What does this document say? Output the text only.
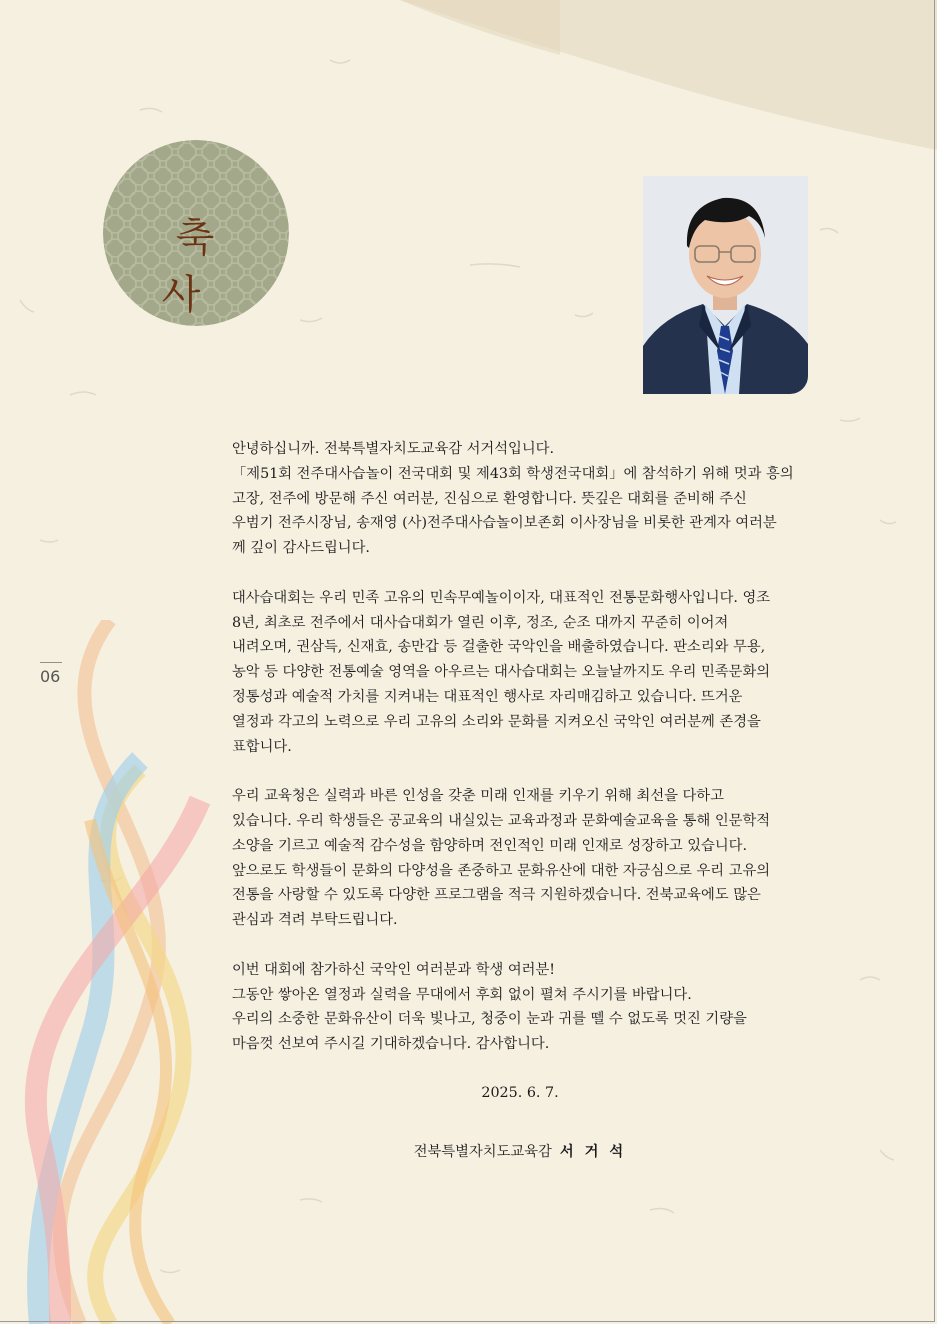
축 사
06

안녕하십니까. 전북특별자치도교육감 서거석입니다.
「제51회 전주대사습놀이 전국대회 및 제43회 학생전국대회」에 참석하기 위해 멋과 흥의
고장, 전주에 방문해 주신 여러분, 진심으로 환영합니다. 뜻깊은 대회를 준비해 주신
우범기 전주시장님, 송재영 (사)전주대사습놀이보존회 이사장님을 비롯한 관계자 여러분
께 깊이 감사드립니다.

대사습대회는 우리 민족 고유의 민속무예놀이이자, 대표적인 전통문화행사입니다. 영조
8년, 최초로 전주에서 대사습대회가 열린 이후, 정조, 순조 대까지 꾸준히 이어져
내려오며, 권삼득, 신재효, 송만갑 등 걸출한 국악인을 배출하였습니다. 판소리와 무용,
농악 등 다양한 전통예술 영역을 아우르는 대사습대회는 오늘날까지도 우리 민족문화의
정통성과 예술적 가치를 지켜내는 대표적인 행사로 자리매김하고 있습니다. 뜨거운
열정과 각고의 노력으로 우리 고유의 소리와 문화를 지켜오신 국악인 여러분께 존경을
표합니다.

우리 교육청은 실력과 바른 인성을 갖춘 미래 인재를 키우기 위해 최선을 다하고
있습니다. 우리 학생들은 공교육의 내실있는 교육과정과 문화예술교육을 통해 인문학적
소양을 기르고 예술적 감수성을 함양하며 전인적인 미래 인재로 성장하고 있습니다.
앞으로도 학생들이 문화의 다양성을 존중하고 문화유산에 대한 자긍심으로 우리 고유의
전통을 사랑할 수 있도록 다양한 프로그램을 적극 지원하겠습니다. 전북교육에도 많은
관심과 격려 부탁드립니다.

이번 대회에 참가하신 국악인 여러분과 학생 여러분!
그동안 쌓아온 열정과 실력을 무대에서 후회 없이 펼쳐 주시기를 바랍니다.
우리의 소중한 문화유산이 더욱 빛나고, 청중이 눈과 귀를 뗄 수 없도록 멋진 기량을
마음껏 선보여 주시길 기대하겠습니다. 감사합니다.

2025. 6. 7.
전북특별자치도교육감 서 거 석
